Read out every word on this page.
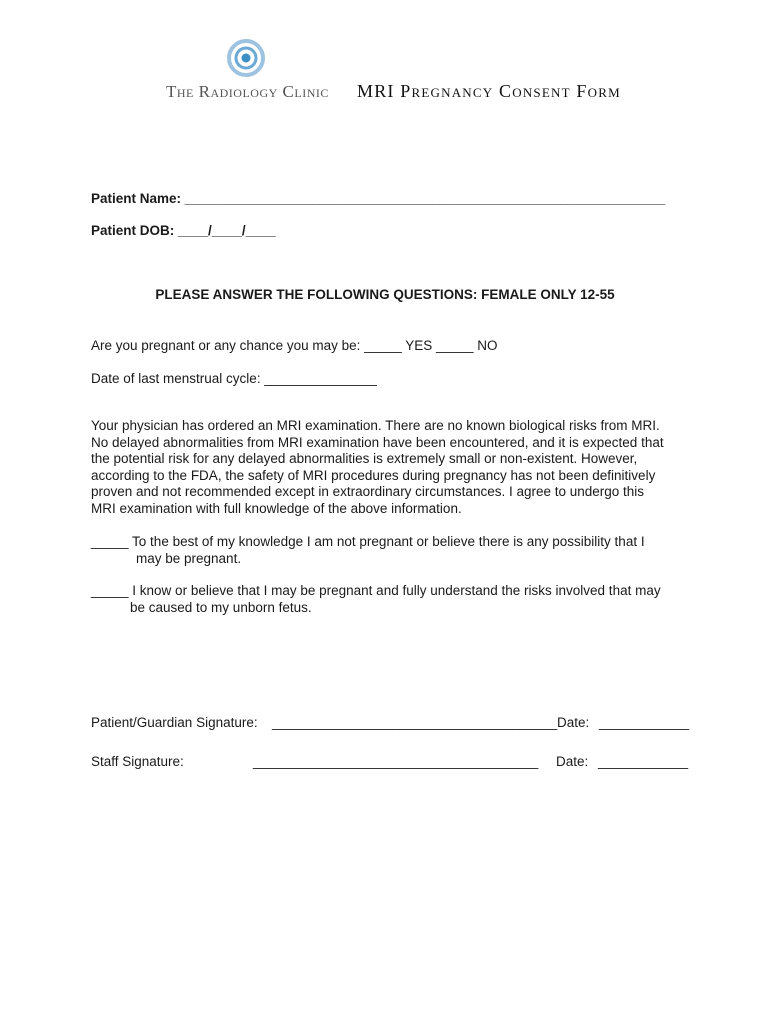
The Radiology Clinic MRI Pregnancy Consent Form
Patient Name: ________________________________________________________________
Patient DOB: ____/____/____
PLEASE ANSWER THE FOLLOWING QUESTIONS: FEMALE ONLY 12-55
Are you pregnant or any chance you may be: _____ YES _____ NO
Date of last menstrual cycle: _______________
Your physician has ordered an MRI examination. There are no known biological risks from MRI.
No delayed abnormalities from MRI examination have been encountered, and it is expected that
the potential risk for any delayed abnormalities is extremely small or non-existent. However,
according to the FDA, the safety of MRI procedures during pregnancy has not been definitively
proven and not recommended except in extraordinary circumstances. I agree to undergo this
MRI examination with full knowledge of the above information.
_____ To the best of my knowledge I am not pregnant or believe there is any possibility that I
may be pregnant.
_____ I know or believe that I may be pregnant and fully understand the risks involved that may
be caused to my unborn fetus.
Patient/Guardian Signature: ______________________________________ Date: ____________
Staff Signature:	______________________________________ Date: ____________
